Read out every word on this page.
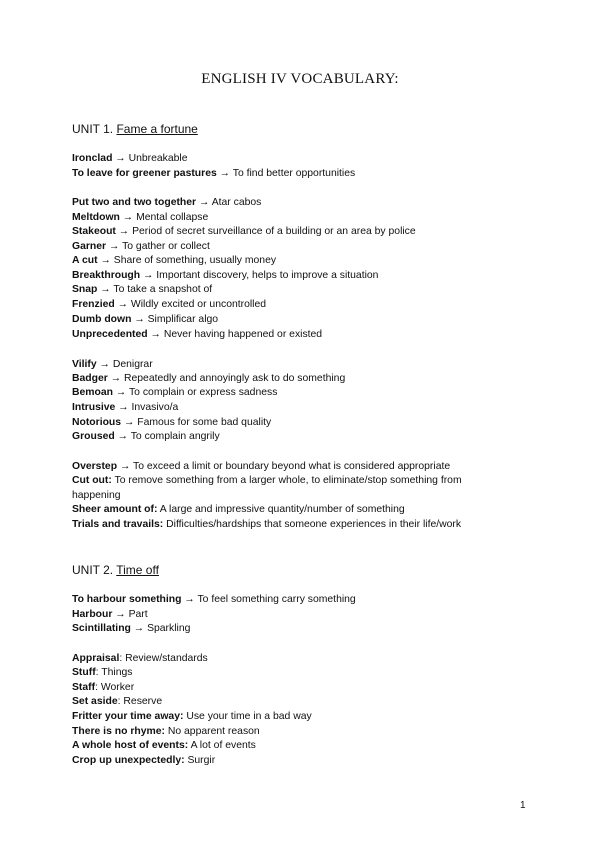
ENGLISH IV VOCABULARY:
UNIT 1. Fame a fortune
Ironclad → Unbreakable
To leave for greener pastures → To find better opportunities
Put two and two together → Atar cabos
Meltdown → Mental collapse
Stakeout → Period of secret surveillance of a building or an area by police
Garner → To gather or collect
A cut → Share of something, usually money
Breakthrough → Important discovery, helps to improve a situation
Snap → To take a snapshot of
Frenzied → Wildly excited or uncontrolled
Dumb down → Simplificar algo
Unprecedented → Never having happened or existed
Vilify → Denigrar
Badger → Repeatedly and annoyingly ask to do something
Bemoan → To complain or express sadness
Intrusive → Invasivo/a
Notorious → Famous for some bad quality
Groused → To complain angrily
Overstep → To exceed a limit or boundary beyond what is considered appropriate
Cut out: To remove something from a larger whole, to eliminate/stop something from happening
Sheer amount of: A large and impressive quantity/number of something
Trials and travails: Difficulties/hardships that someone experiences in their life/work
UNIT 2. Time off
To harbour something → To feel something carry something
Harbour → Part
Scintillating → Sparkling
Appraisal: Review/standards
Stuff: Things
Staff: Worker
Set aside: Reserve
Fritter your time away: Use your time in a bad way
There is no rhyme: No apparent reason
A whole host of events: A lot of events
Crop up unexpectedly: Surgir
1
